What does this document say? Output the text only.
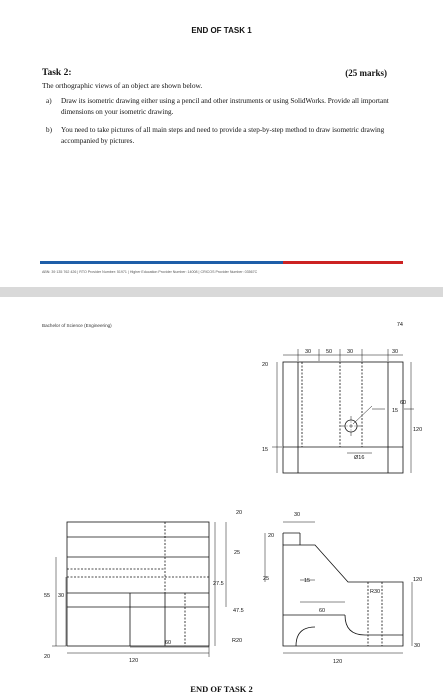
END OF TASK 1
Task 2:	(25 marks)
The orthographic views of an object are shown below.
a) Draw its isometric drawing either using a pencil and other instruments or using SolidWorks. Provide all important dimensions on your isometric drawing.
b) You need to take pictures of all main steps and need to provide a step-by-step method to draw isometric drawing accompanied by pictures.
ABN: 39 135 762 426 | RTO Provider Number: 51971 | Higher Education Provider Number: 14008 | CRICOS Provider Number: 03567C
Bachelor of Science (Engineering)	74
30	50	30	30
20
15
60
120
Ø16
15
20
25
27.5
47.5
R20
55 30
60
20
120
30
20
25	15
R30
120
60
120
30
END OF TASK 2
